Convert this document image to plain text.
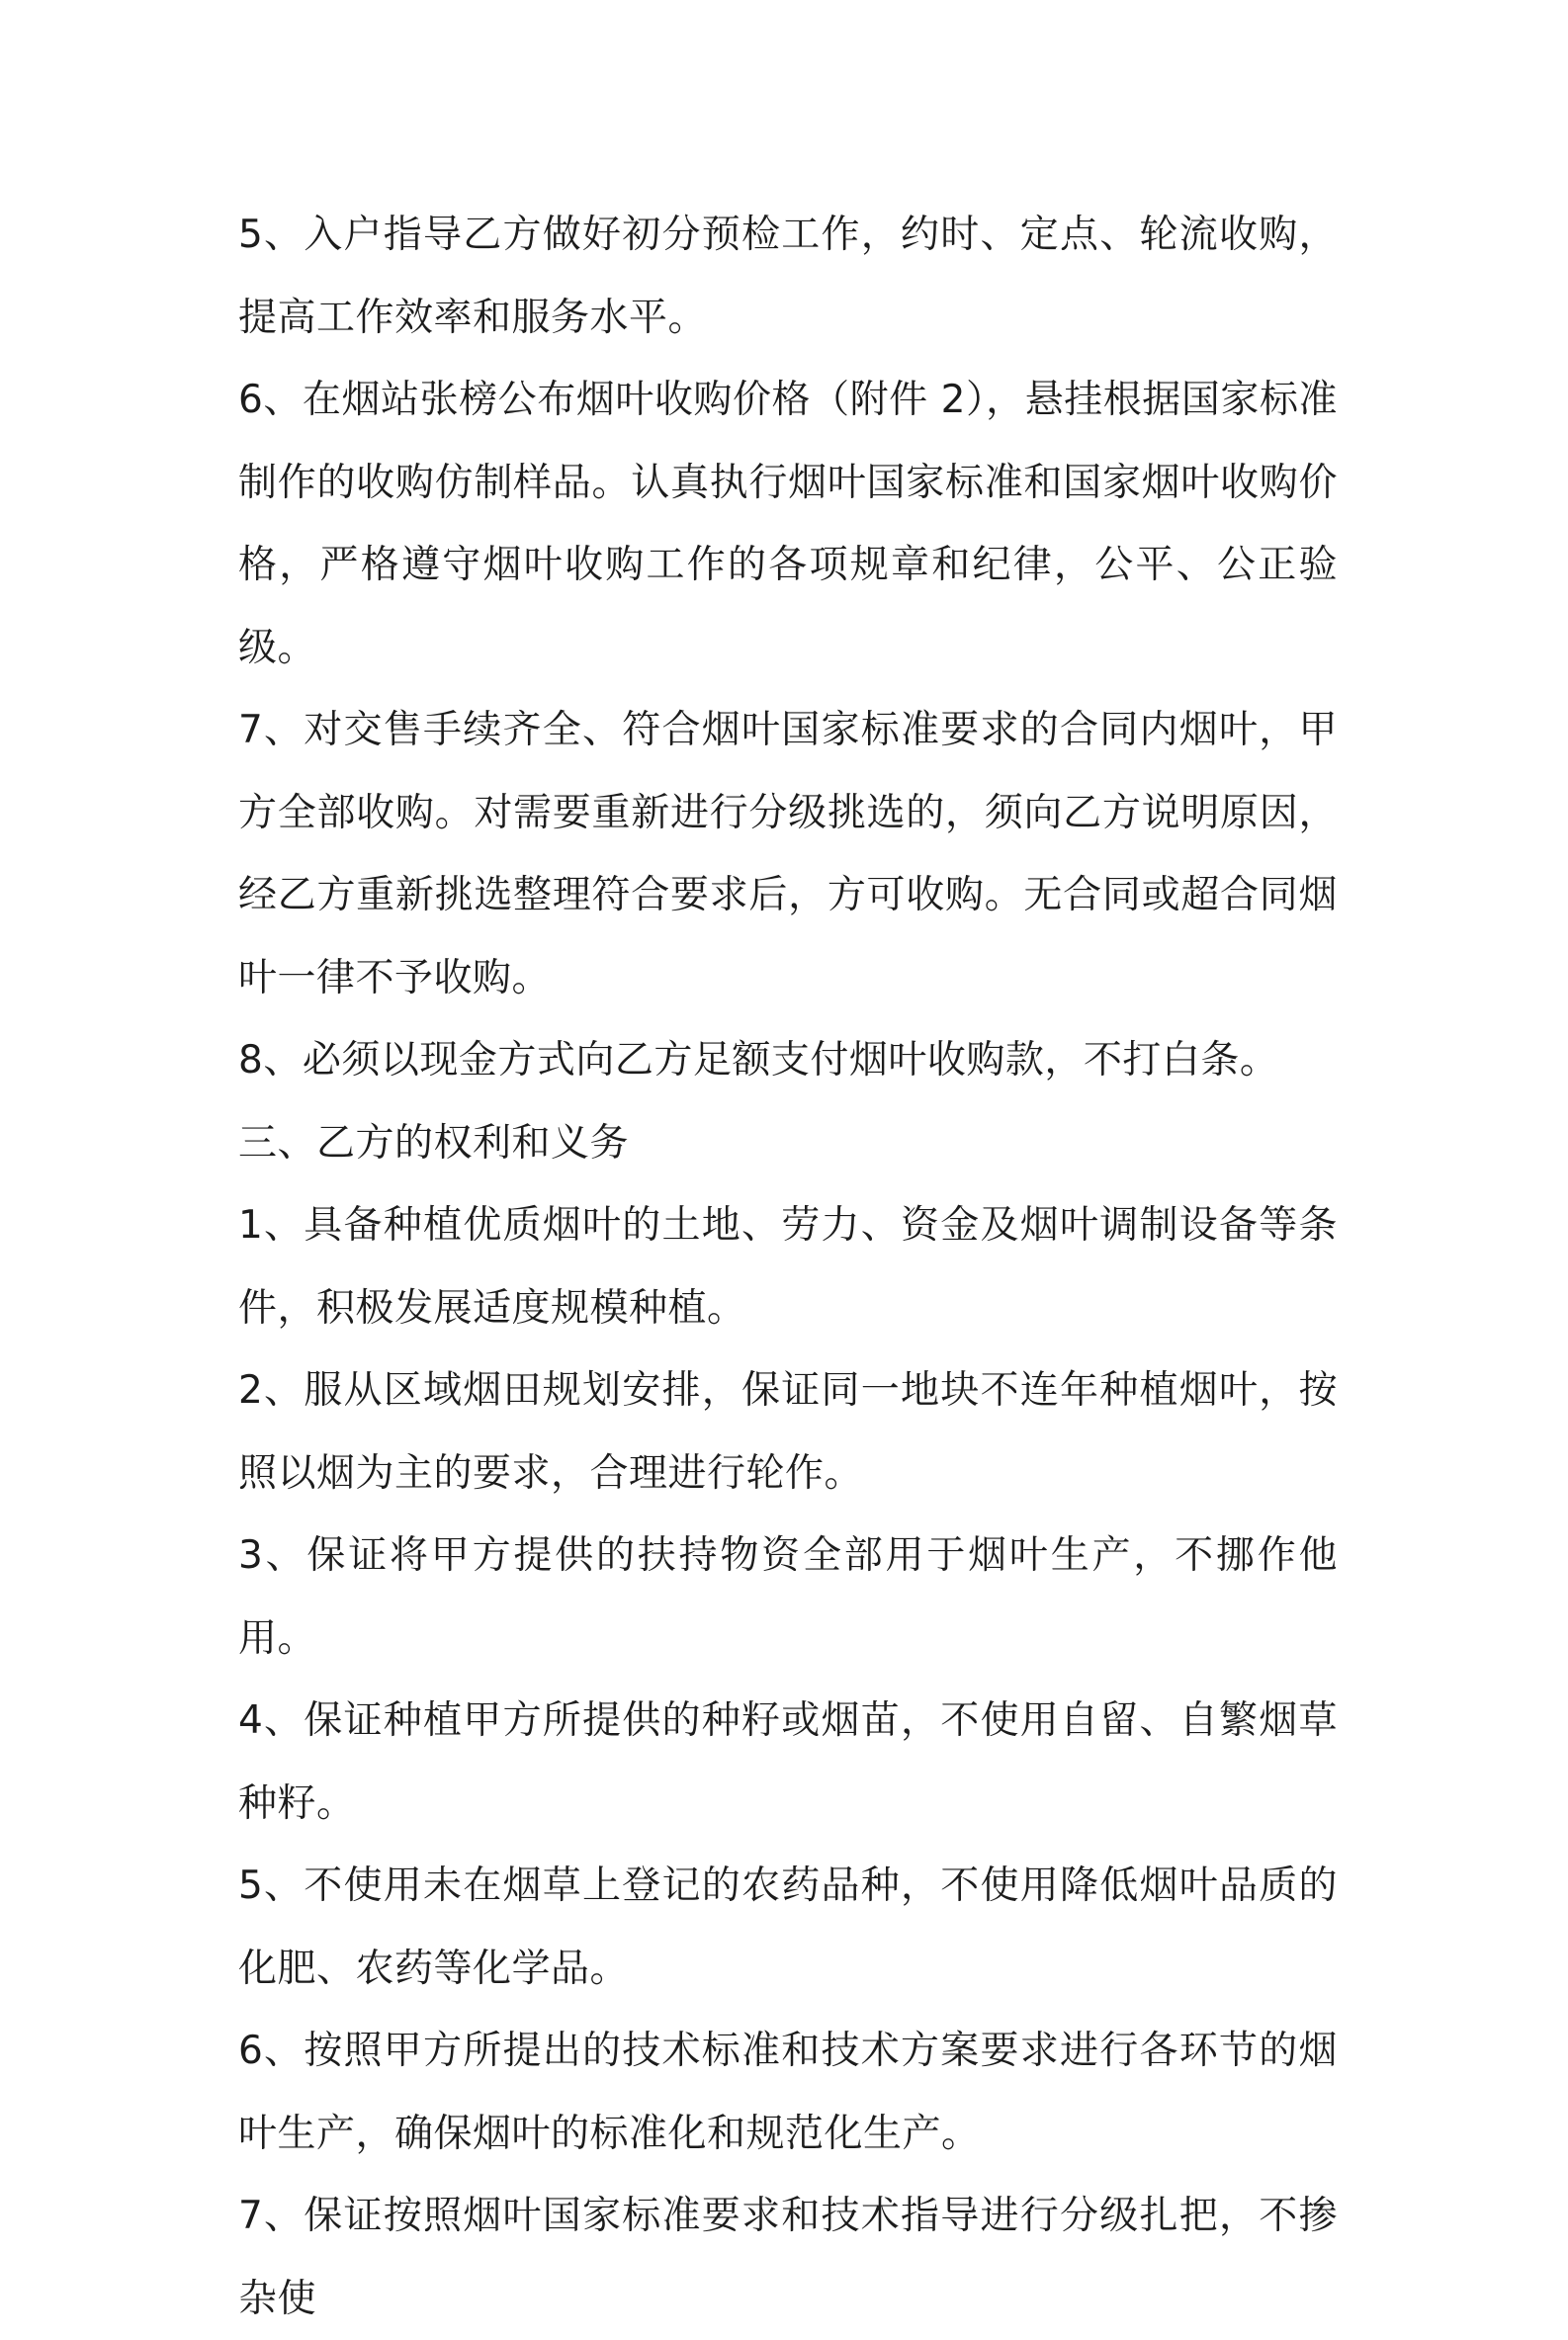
5、入户指导乙方做好初分预检工作，约时、定点、轮流收购，提高工作效率和服务水平。

6、在烟站张榜公布烟叶收购价格（附件 2），悬挂根据国家标准制作的收购仿制样品。认真执行烟叶国家标准和国家烟叶收购价格，严格遵守烟叶收购工作的各项规章和纪律，公平、公正验级。

7、对交售手续齐全、符合烟叶国家标准要求的合同内烟叶，甲方全部收购。对需要重新进行分级挑选的，须向乙方说明原因，经乙方重新挑选整理符合要求后，方可收购。无合同或超合同烟叶一律不予收购。

8、必须以现金方式向乙方足额支付烟叶收购款，不打白条。

三、乙方的权利和义务

1、具备种植优质烟叶的土地、劳力、资金及烟叶调制设备等条件，积极发展适度规模种植。

2、服从区域烟田规划安排，保证同一地块不连年种植烟叶，按照以烟为主的要求，合理进行轮作。

3、保证将甲方提供的扶持物资全部用于烟叶生产，不挪作他用。

4、保证种植甲方所提供的种籽或烟苗，不使用自留、自繁烟草种籽。

5、不使用未在烟草上登记的农药品种，不使用降低烟叶品质的化肥、农药等化学品。

6、按照甲方所提出的技术标准和技术方案要求进行各环节的烟叶生产，确保烟叶的标准化和规范化生产。

7、保证按照烟叶国家标准要求和技术指导进行分级扎把，不掺杂使
